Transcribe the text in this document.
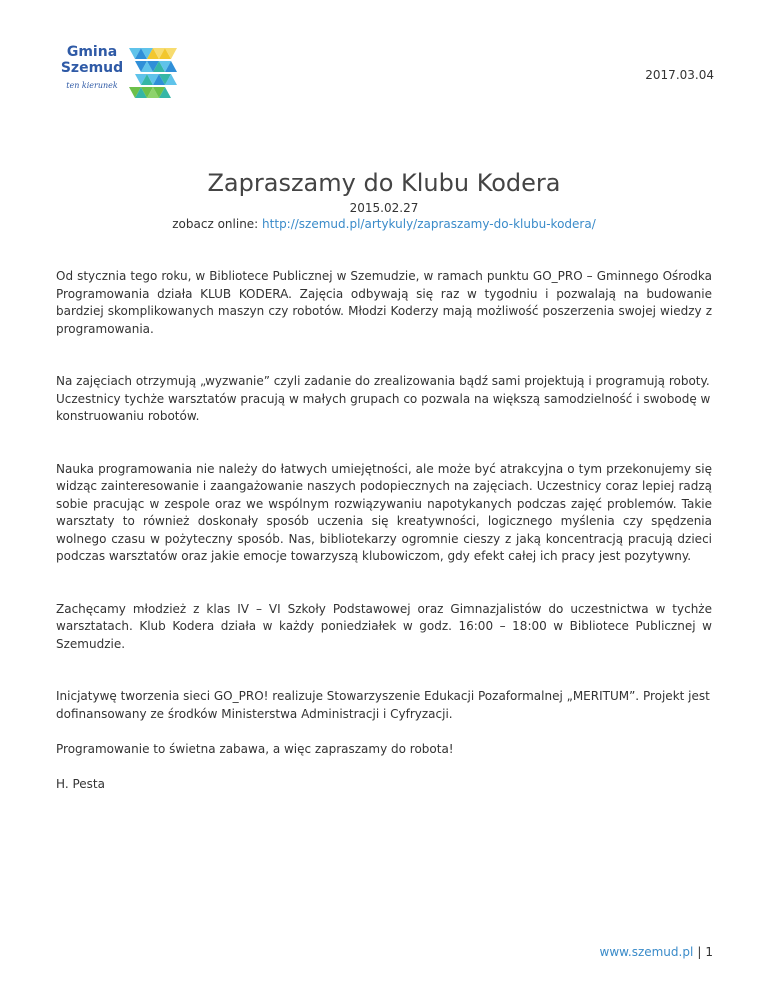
Gmina
Szemud
ten kierunek
2017.03.04
Zapraszamy do Klubu Kodera
2015.02.27
zobacz online: http://szemud.pl/artykuly/zapraszamy-do-klubu-kodera/

Od stycznia tego roku, w Bibliotece Publicznej w Szemudzie, w ramach punktu GO_PRO – Gminnego Ośrodka Programowania działa KLUB KODERA. Zajęcia odbywają się raz w tygodniu i pozwalają na budowanie bardziej skomplikowanych maszyn czy robotów. Młodzi Koderzy mają możliwość poszerzenia swojej wiedzy z programowania.

Na zajęciach otrzymują „wyzwanie” czyli zadanie do zrealizowania bądź sami projektują i programują roboty. Uczestnicy tychże warsztatów pracują w małych grupach co pozwala na większą samodzielność i swobodę w konstruowaniu robotów.

Nauka programowania nie należy do łatwych umiejętności, ale może być atrakcyjna o tym przekonujemy się widząc zainteresowanie i zaangażowanie naszych podopiecznych na zajęciach. Uczestnicy coraz lepiej radzą sobie pracując w zespole oraz we wspólnym rozwiązywaniu napotykanych podczas zajęć problemów. Takie warsztaty to również doskonały sposób uczenia się kreatywności, logicznego myślenia czy spędzenia wolnego czasu w pożyteczny sposób. Nas, bibliotekarzy ogromnie cieszy z jaką koncentracją pracują dzieci podczas warsztatów oraz jakie emocje towarzyszą klubowiczom, gdy efekt całej ich pracy jest pozytywny.

Zachęcamy młodzież z klas IV – VI Szkoły Podstawowej oraz Gimnazjalistów do uczestnictwa w tychże warsztatach. Klub Kodera działa w każdy poniedziałek w godz. 16:00 – 18:00 w Bibliotece Publicznej w Szemudzie.

Inicjatywę tworzenia sieci GO_PRO! realizuje Stowarzyszenie Edukacji Pozaformalnej „MERITUM”. Projekt jest dofinansowany ze środków Ministerstwa Administracji i Cyfryzacji.

Programowanie to świetna zabawa, a więc zapraszamy do robota!

H. Pesta

www.szemud.pl | 1
